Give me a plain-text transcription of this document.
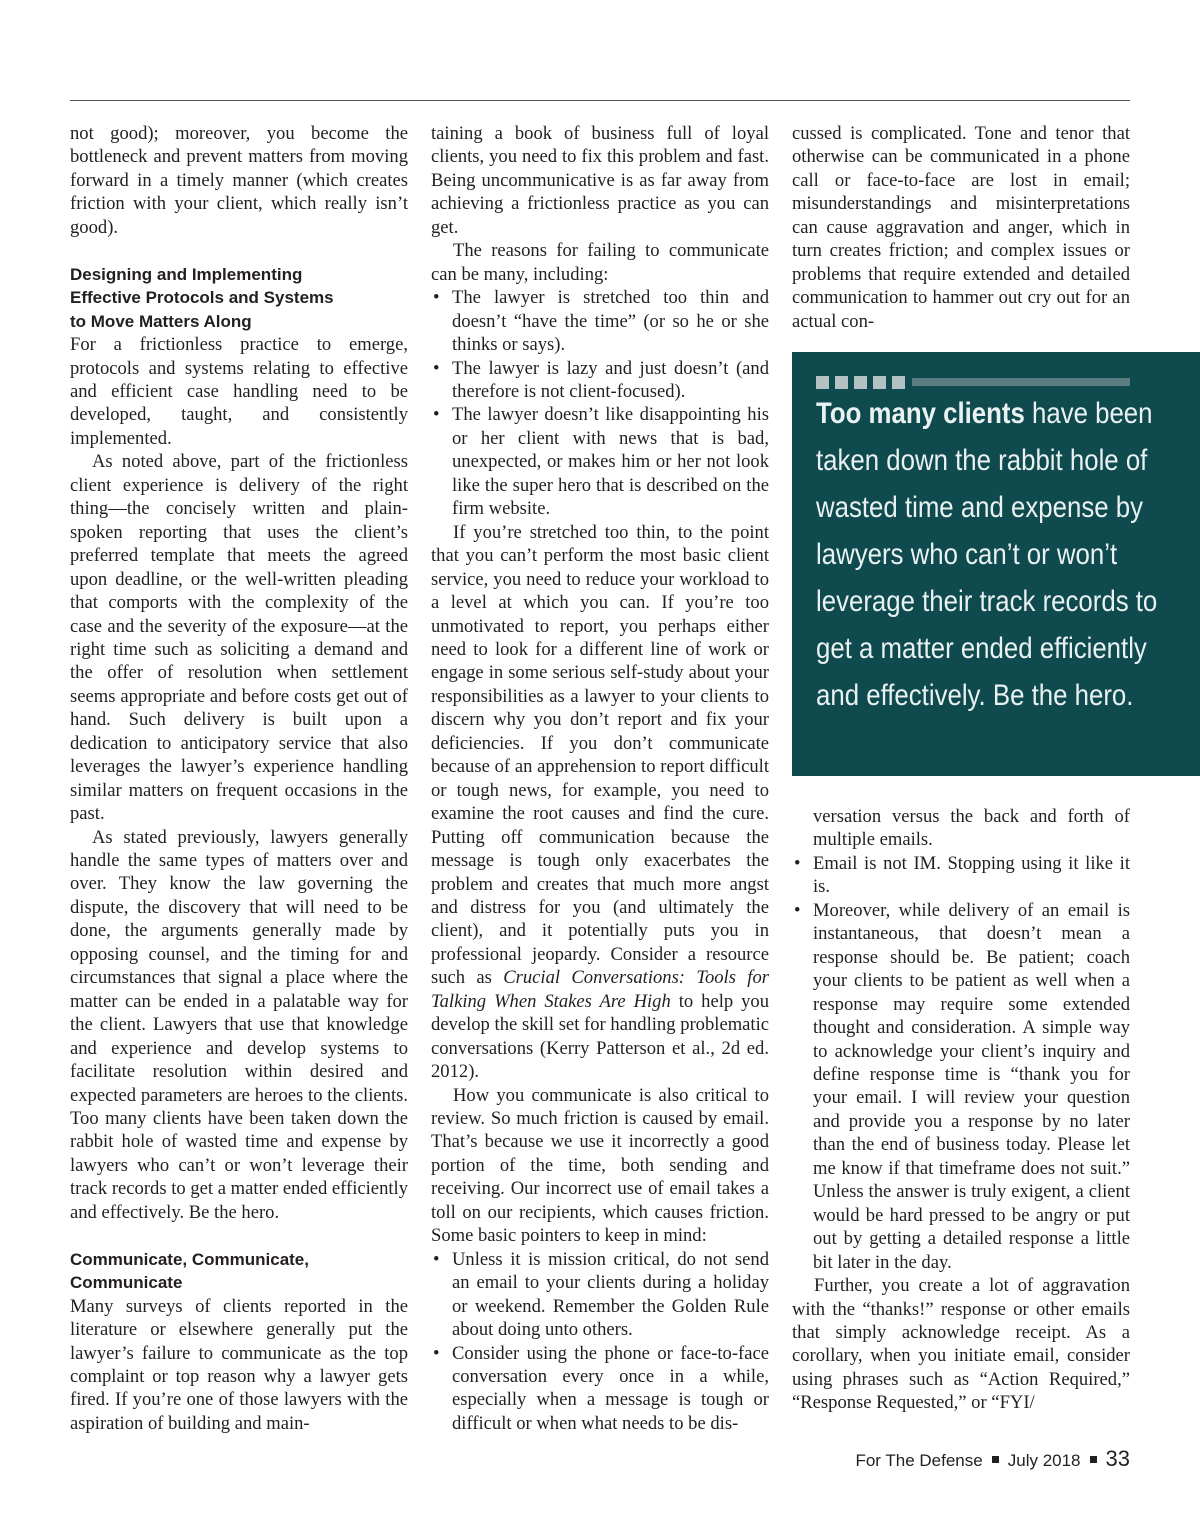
not good); moreover, you become the bottleneck and prevent matters from moving forward in a timely manner (which creates friction with your client, which really isn’t good).

Designing and Implementing
Effective Protocols and Systems
to Move Matters Along

For a frictionless practice to emerge, protocols and systems relating to effective and efficient case handling need to be developed, taught, and consistently implemented.

As noted above, part of the frictionless client experience is delivery of the right thing—the concisely written and plain-spoken reporting that uses the client’s preferred template that meets the agreed upon deadline, or the well-written pleading that comports with the complexity of the case and the severity of the exposure—at the right time such as soliciting a demand and the offer of resolution when settlement seems appropriate and before costs get out of hand. Such delivery is built upon a dedication to anticipatory service that also leverages the lawyer’s experience handling similar matters on frequent occasions in the past.

As stated previously, lawyers generally handle the same types of matters over and over. They know the law governing the dispute, the discovery that will need to be done, the arguments generally made by opposing counsel, and the timing for and circumstances that signal a place where the matter can be ended in a palatable way for the client. Lawyers that use that knowledge and experience and develop systems to facilitate resolution within desired and expected parameters are heroes to the clients. Too many clients have been taken down the rabbit hole of wasted time and expense by lawyers who can’t or won’t leverage their track records to get a matter ended efficiently and effectively. Be the hero.

Communicate, Communicate,
Communicate

Many surveys of clients reported in the literature or elsewhere generally put the lawyer’s failure to communicate as the top complaint or top reason why a lawyer gets fired. If you’re one of those lawyers with the aspiration of building and main-

taining a book of business full of loyal clients, you need to fix this problem and fast. Being uncommunicative is as far away from achieving a frictionless practice as you can get.

The reasons for failing to communicate can be many, including:

• The lawyer is stretched too thin and doesn’t “have the time” (or so he or she thinks or says).
• The lawyer is lazy and just doesn’t (and therefore is not client-focused).
• The lawyer doesn’t like disappointing his or her client with news that is bad, unexpected, or makes him or her not look like the super hero that is described on the firm website.

If you’re stretched too thin, to the point that you can’t perform the most basic client service, you need to reduce your workload to a level at which you can. If you’re too unmotivated to report, you perhaps either need to look for a different line of work or engage in some serious self-study about your responsibilities as a lawyer to your clients to discern why you don’t report and fix your deficiencies. If you don’t communicate because of an apprehension to report difficult or tough news, for example, you need to examine the root causes and find the cure. Putting off communication because the message is tough only exacerbates the problem and creates that much more angst and distress for you (and ultimately the client), and it potentially puts you in professional jeopardy. Consider a resource such as Crucial Conversations: Tools for Talking When Stakes Are High to help you develop the skill set for handling problematic conversations (Kerry Patterson et al., 2d ed. 2012).

How you communicate is also critical to review. So much friction is caused by email. That’s because we use it incorrectly a good portion of the time, both sending and receiving. Our incorrect use of email takes a toll on our recipients, which causes friction. Some basic pointers to keep in mind:

• Unless it is mission critical, do not send an email to your clients during a holiday or weekend. Remember the Golden Rule about doing unto others.
• Consider using the phone or face-to-face conversation every once in a while, especially when a message is tough or difficult or when what needs to be dis-

cussed is complicated. Tone and tenor that otherwise can be communicated in a phone call or face-to-face are lost in email; misunderstandings and misinterpretations can cause aggravation and anger, which in turn creates friction; and complex issues or problems that require extended and detailed communication to hammer out cry out for an actual con-

Too many clients have been taken down the rabbit hole of wasted time and expense by lawyers who can’t or won’t leverage their track records to get a matter ended efficiently and effectively. Be the hero.

versation versus the back and forth of multiple emails.

• Email is not IM. Stopping using it like it is.
• Moreover, while delivery of an email is instantaneous, that doesn’t mean a response should be. Be patient; coach your clients to be patient as well when a response may require some extended thought and consideration. A simple way to acknowledge your client’s inquiry and define response time is “thank you for your email. I will review your question and provide you a response by no later than the end of business today. Please let me know if that timeframe does not suit.” Unless the answer is truly exigent, a client would be hard pressed to be angry or put out by getting a detailed response a little bit later in the day.

Further, you create a lot of aggravation with the “thanks!” response or other emails that simply acknowledge receipt. As a corollary, when you initiate email, consider using phrases such as “Action Required,” “Response Requested,” or “FYI/

For The Defense July 2018 33
